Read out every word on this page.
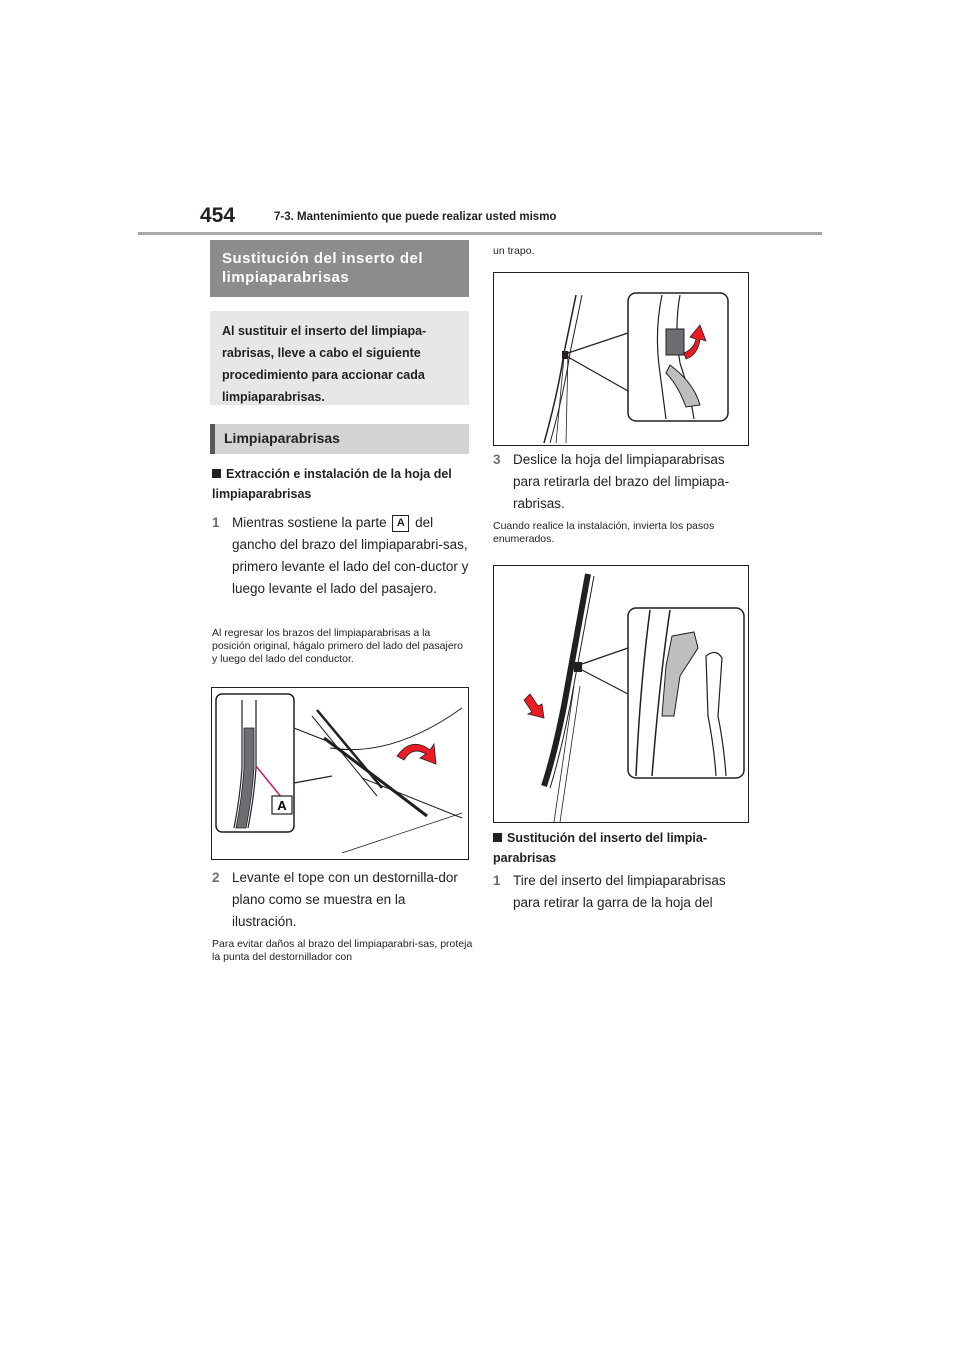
454	7-3. Mantenimiento que puede realizar usted mismo
Sustitución del inserto del limpiaparabrisas
Al sustituir el inserto del limpiapa-rabrisas, lleve a cabo el siguiente procedimiento para accionar cada limpiaparabrisas.
Limpiaparabrisas
Extracción e instalación de la hoja del limpiaparabrisas
1 Mientras sostiene la parte A del gancho del brazo del limpiaparabri-sas, primero levante el lado del con-ductor y luego levante el lado del pasajero.
Al regresar los brazos del limpiaparabrisas a la posición original, hágalo primero del lado del pasajero y luego del lado del conductor.
A
2 Levante el tope con un destornilla-dor plano como se muestra en la ilustración.
Para evitar daños al brazo del limpiaparabri-sas, proteja la punta del destornillador con
un trapo.
3 Deslice la hoja del limpiaparabrisas para retirarla del brazo del limpiapa-rabrisas.
Cuando realice la instalación, invierta los pasos enumerados.
Sustitución del inserto del limpia-parabrisas
1 Tire del inserto del limpiaparabrisas para retirar la garra de la hoja del
